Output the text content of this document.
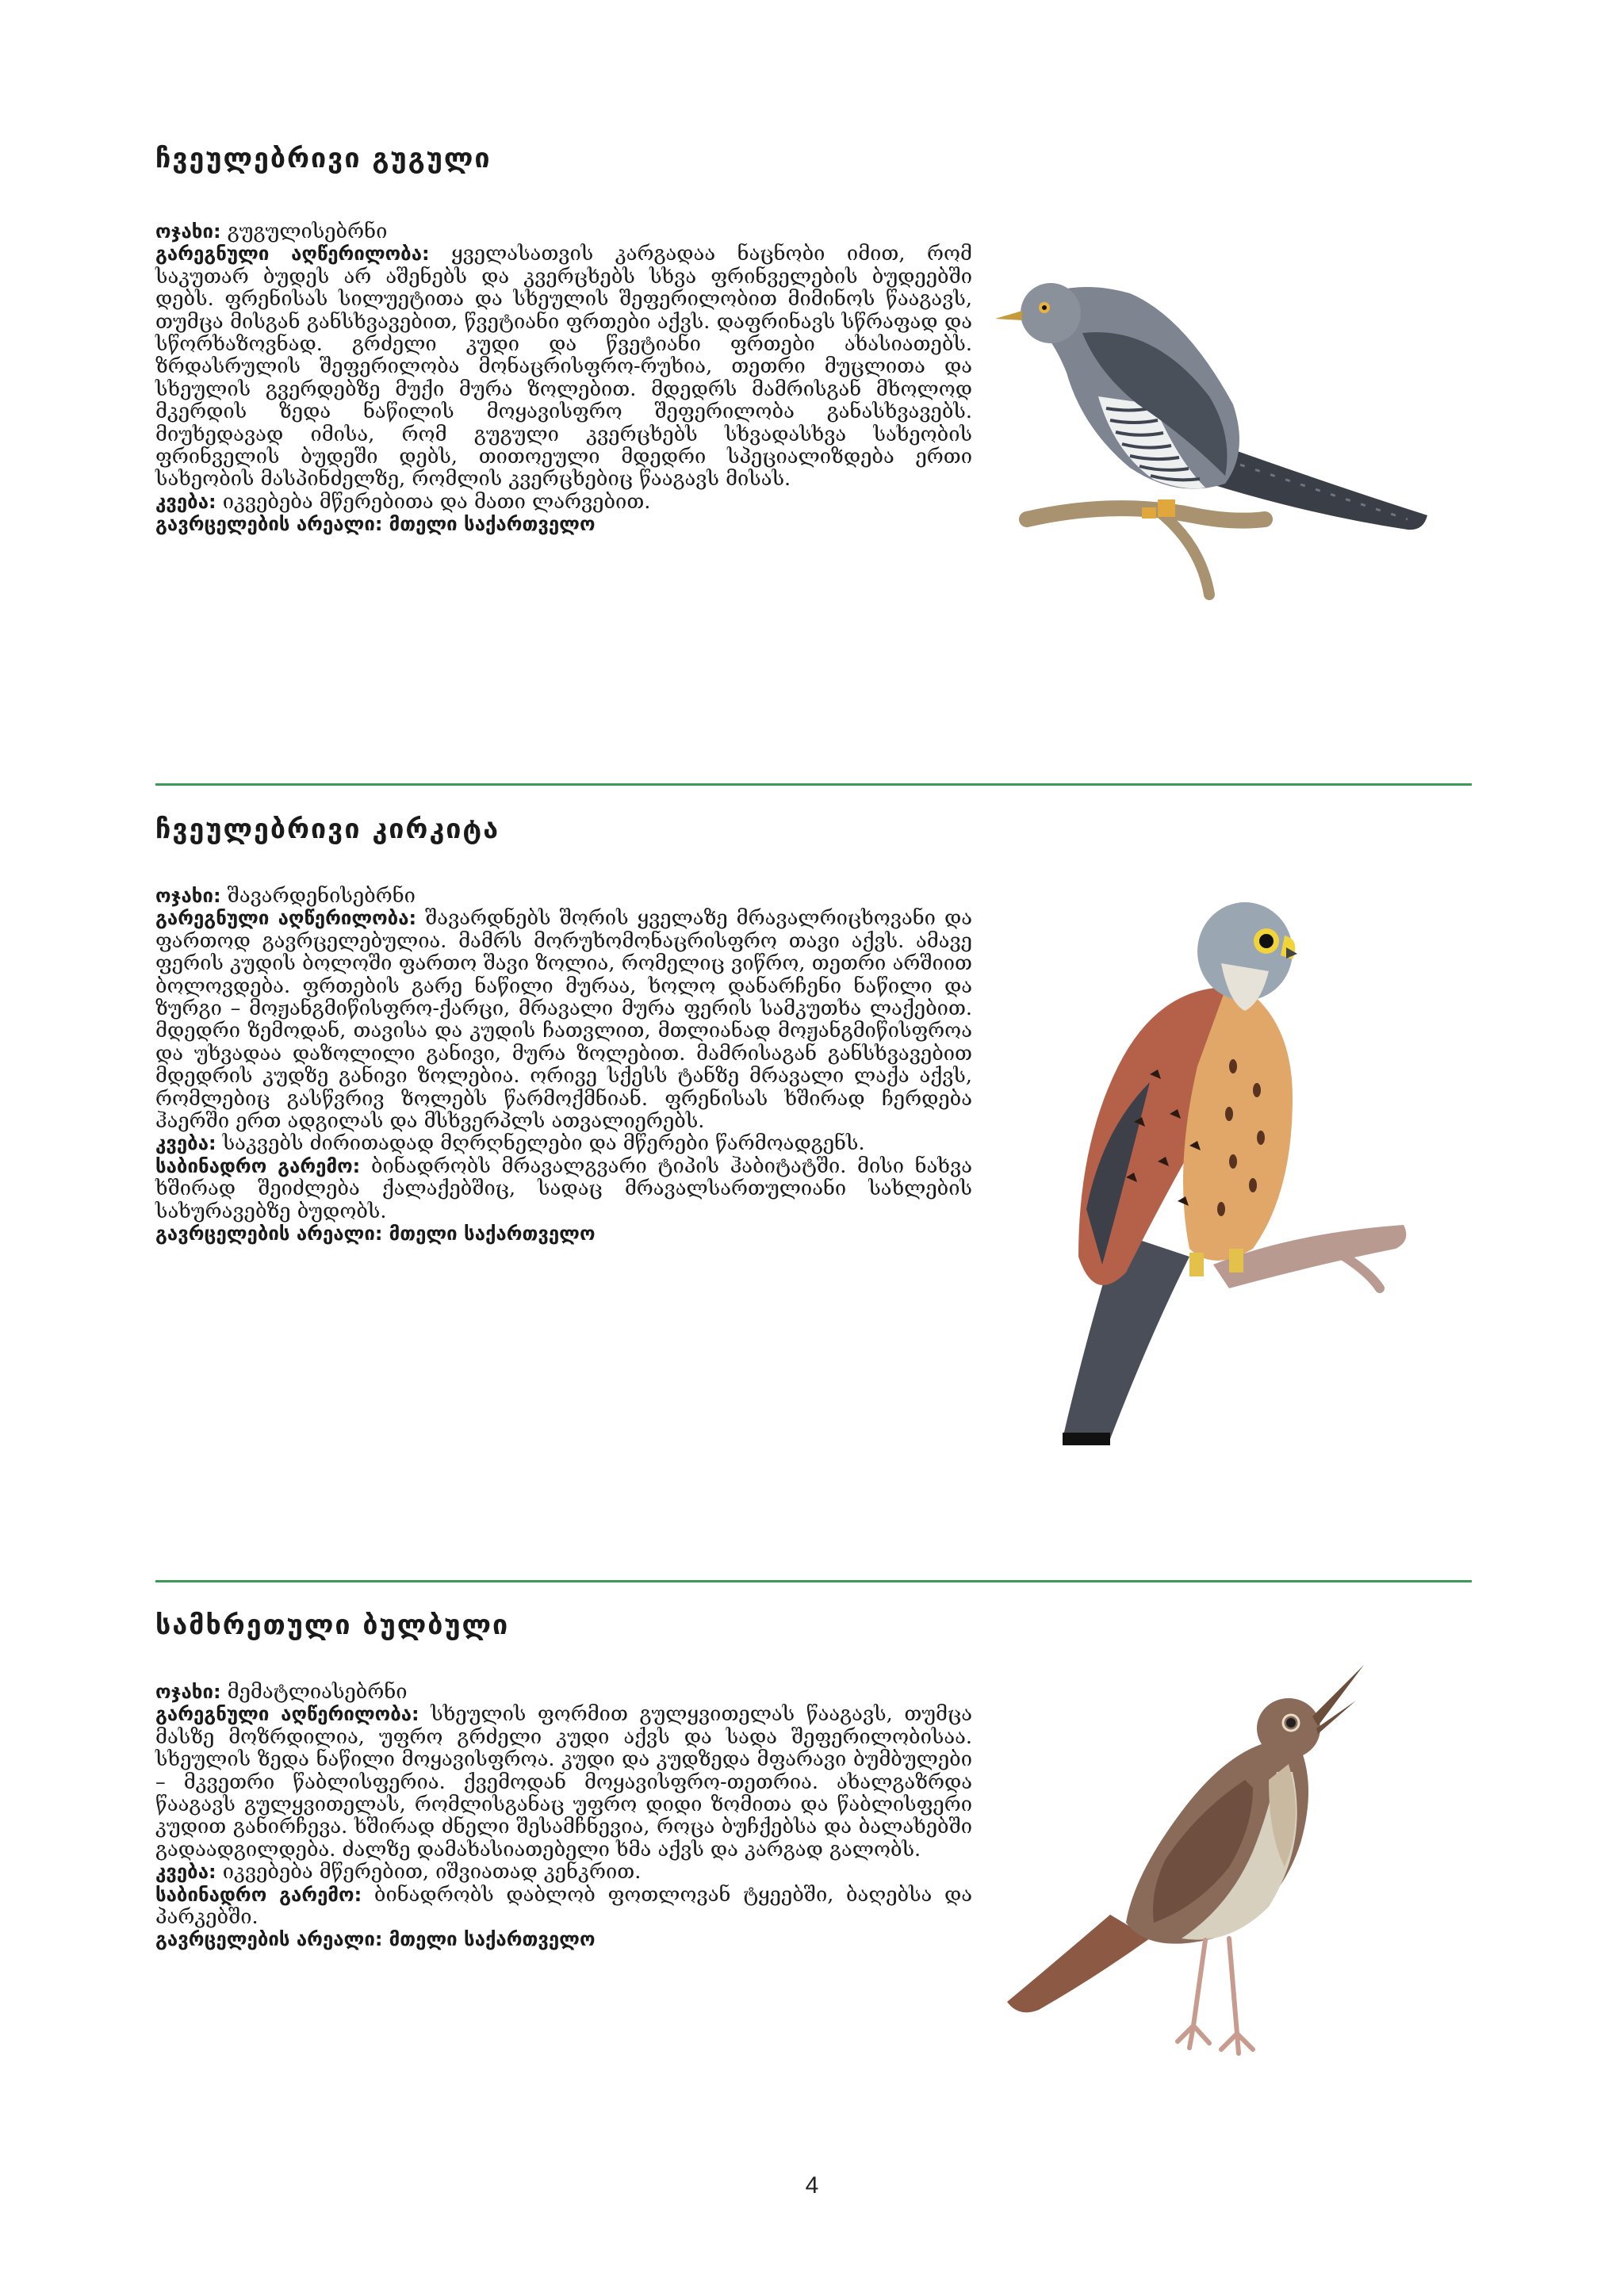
ჩვეულებრივი გუგული
ოჯახი: გუგულისებრნი
გარეგნული აღწერილობა: ყველასათვის კარგადაა ნაცნობი იმით, რომ საკუთარ ბუდეს არ აშენებს და კვერცხებს სხვა ფრინველების ბუდეებში დებს. ფრენისას სილუეტითა და სხეულის შეფერილობით მიმინოს წააგავს, თუმცა მისგან განსხვავებით, წვეტიანი ფრთები აქვს. დაფრინავს სწრაფად და სწორხაზოვნად. გრძელი კუდი და წვეტიანი ფრთები ახასიათებს. ზრდასრულის შეფერილობა მონაცრისფრო-რუხია, თეთრი მუცლითა და სხეულის გვერდებზე მუქი მურა ზოლებით. მდედრს მამრისგან მხოლოდ მკერდის ზედა ნაწილის მოყავისფრო შეფერილობა განასხვავებს. მიუხედავად იმისა, რომ გუგული კვერცხებს სხვადასხვა სახეობის ფრინველის ბუდეში დებს, თითოეული მდედრი სპეციალიზდება ერთი სახეობის მასპინძელზე, რომლის კვერცხებიც წააგავს მისას.
კვება: იკვებება მწერებითა და მათი ლარვებით.
გავრცელების არეალი: მთელი საქართველო
ჩვეულებრივი კირკიტა
ოჯახი: შავარდენისებრნი
გარეგნული აღწერილობა: შავარდნებს შორის ყველაზე მრავალრიცხოვანი და ფართოდ გავრცელებულია. მამრს მორუხომონაცრისფრო თავი აქვს. ამავე ფერის კუდის ბოლოში ფართო შავი ზოლია, რომელიც ვიწრო, თეთრი არშიით ბოლოვდება. ფრთების გარე ნაწილი მურაა, ხოლო დანარჩენი ნაწილი და ზურგი – მოჟანგმიწისფრო-ქარცი, მრავალი მურა ფერის სამკუთხა ლაქებით. მდედრი ზემოდან, თავისა და კუდის ჩათვლით, მთლიანად მოჟანგმიწისფროა და უხვადაა დაზოლილი განივი, მურა ზოლებით. მამრისაგან განსხვავებით მდედრის კუდზე განივი ზოლებია. ორივე სქესს ტანზე მრავალი ლაქა აქვს, რომლებიც გასწვრივ ზოლებს წარმოქმნიან. ფრენისას ხშირად ჩერდება ჰაერში ერთ ადგილას და მსხვერპლს ათვალიერებს.
კვება: საკვებს ძირითადად მღრღნელები და მწერები წარმოადგენს.
საბინადრო გარემო: ბინადრობს მრავალგვარი ტიპის ჰაბიტატში. მისი ნახვა ხშირად შეიძლება ქალაქებშიც, სადაც მრავალსართულიანი სახლების სახურავებზე ბუდობს.
გავრცელების არეალი: მთელი საქართველო
სამხრეთული ბულბული
ოჯახი: მემატლიასებრნი
გარეგნული აღწერილობა: სხეულის ფორმით გულყვითელას წააგავს, თუმცა მასზე მოზრდილია, უფრო გრძელი კუდი აქვს და სადა შეფერილობისაა. სხეულის ზედა ნაწილი მოყავისფროა. კუდი და კუდზედა მფარავი ბუმბულები – მკვეთრი წაბლისფერია. ქვემოდან მოყავისფრო-თეთრია. ახალგაზრდა წააგავს გულყვითელას, რომლისგანაც უფრო დიდი ზომითა და წაბლისფერი კუდით განირჩევა. ხშირად ძნელი შესამჩნევია, როცა ბუჩქებსა და ბალახებში გადაადგილდება. ძალზე დამახასიათებელი ხმა აქვს და კარგად გალობს.
კვება: იკვებება მწერებით, იშვიათად კენკრით.
საბინადრო გარემო: ბინადრობს დაბლობ ფოთლოვან ტყეებში, ბაღებსა და პარკებში.
გავრცელების არეალი: მთელი საქართველო
4
